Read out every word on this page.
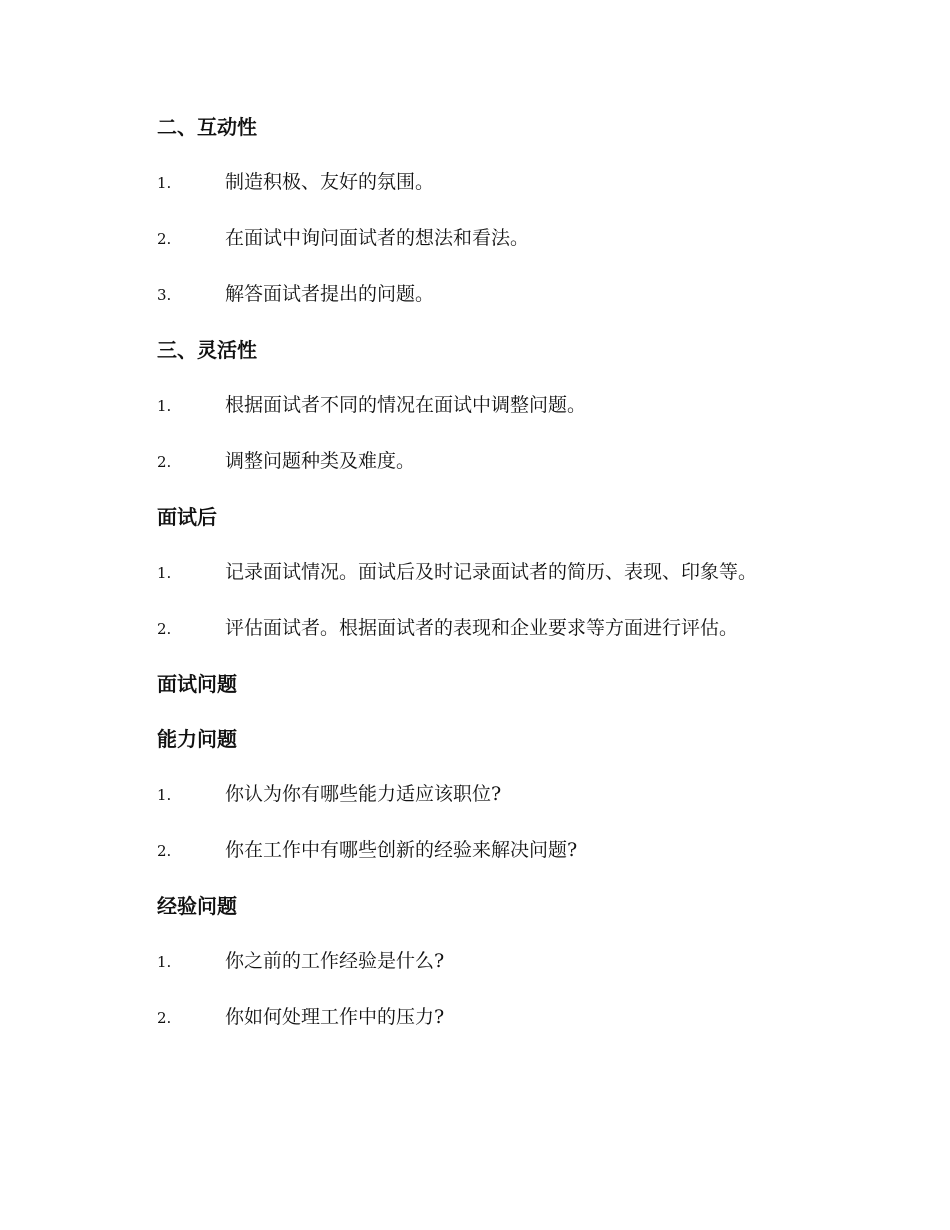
二、互动性
1.	制造积极、友好的氛围。
2.	在面试中询问面试者的想法和看法。
3.	解答面试者提出的问题。
三、灵活性
1.	根据面试者不同的情况在面试中调整问题。
2.	调整问题种类及难度。
面试后
1.	记录面试情况。面试后及时记录面试者的简历、表现、印象等。
2.	评估面试者。根据面试者的表现和企业要求等方面进行评估。
面试问题
能力问题
1.	你认为你有哪些能力适应该职位?
2.	你在工作中有哪些创新的经验来解决问题?
经验问题
1.	你之前的工作经验是什么?
2.	你如何处理工作中的压力?
